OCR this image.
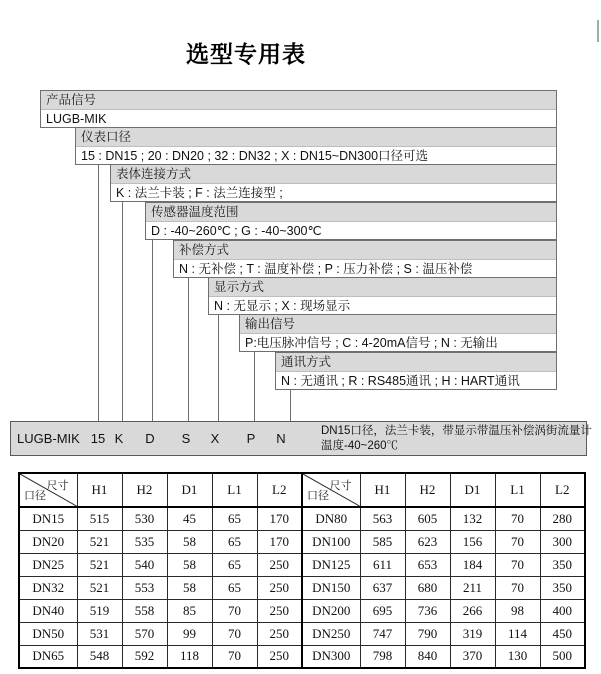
选型专用表
产品信号
LUGB-MIK
仪表口径
15 : DN15 ; 20 : DN20 ; 32 : DN32 ; X : DN15~DN300口径可选
表体连接方式
K : 法兰卡装 ; F : 法兰连接型 ;
传感器温度范围
D : -40~260℃ ; G : -40~300℃
补偿方式
N : 无补偿 ; T : 温度补偿 ; P : 压力补偿 ; S : 温压补偿
显示方式
N : 无显示 ; X : 现场显示
输出信号
P:电压脉冲信号 ; C : 4-20mA信号 ; N : 无输出
通讯方式
N : 无通讯 ; R : RS485通讯 ; H : HART通讯
LUGB-MIK 15 K	D	S	X	P	N	DN15口径，法兰卡装，带显示带温压补偿涡街流量计
温度-40~260℃
尺寸
口径	H1	H2	D1	L1	L2	尺寸
口径	H1	H2	D1	L1	L2
DN15	515	530	45	65	170	DN80	563	605	132	70	280
DN20	521	535	58	65	170	DN100	585	623	156	70	300
DN25	521	540	58	65	250	DN125	611	653	184	70	350
DN32	521	553	58	65	250	DN150	637	680	211	70	350
DN40	519	558	85	70	250	DN200	695	736	266	98	400
DN50	531	570	99	70	250	DN250	747	790	319	114	450
DN65	548	592	118	70	250	DN300	798	840	370	130	500
